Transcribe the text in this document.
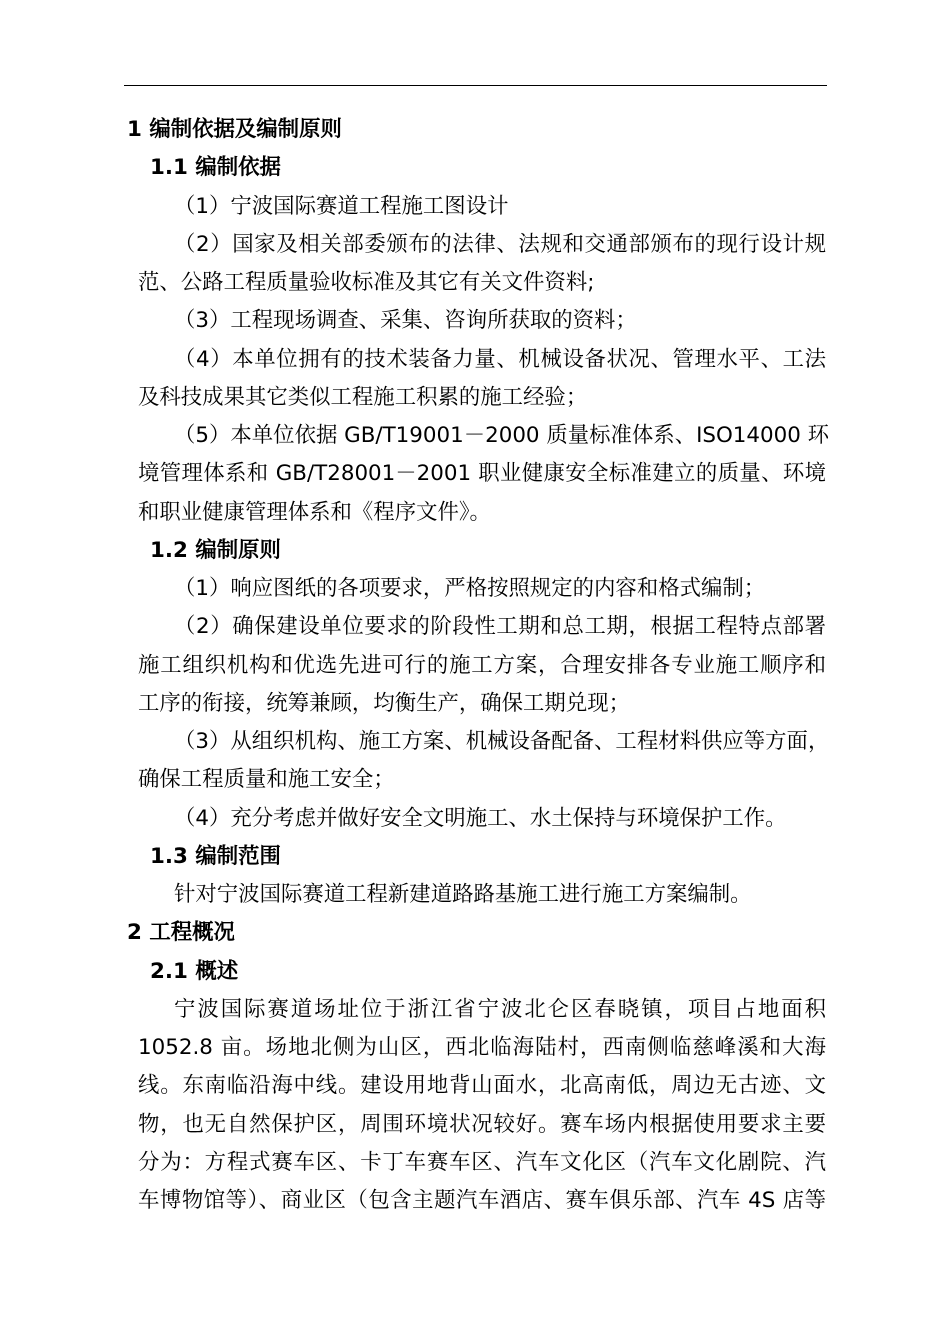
1 编制依据及编制原则
1.1 编制依据
（1）宁波国际赛道工程施工图设计
（2）国家及相关部委颁布的法律、法规和交通部颁布的现行设计规
范、公路工程质量验收标准及其它有关文件资料;
（3）工程现场调查、采集、咨询所获取的资料；
（4）本单位拥有的技术装备力量、机械设备状况、管理水平、工法
及科技成果其它类似工程施工积累的施工经验；
（5）本单位依据 GB/T19001－2000 质量标准体系、ISO14000 环
境管理体系和 GB/T28001－2001 职业健康安全标准建立的质量、环境
和职业健康管理体系和《程序文件》。
1.2 编制原则
（1）响应图纸的各项要求，严格按照规定的内容和格式编制；
（2）确保建设单位要求的阶段性工期和总工期，根据工程特点部署
施工组织机构和优选先进可行的施工方案，合理安排各专业施工顺序和
工序的衔接，统筹兼顾，均衡生产，确保工期兑现；
（3）从组织机构、施工方案、机械设备配备、工程材料供应等方面，
确保工程质量和施工安全；
（4）充分考虑并做好安全文明施工、水土保持与环境保护工作。
1.3 编制范围
针对宁波国际赛道工程新建道路路基施工进行施工方案编制。
2 工程概况
2.1 概述
宁波国际赛道场址位于浙江省宁波北仑区春晓镇，项目占地面积
1052.8 亩。场地北侧为山区，西北临海陆村，西南侧临慈峰溪和大海
线。东南临沿海中线。建设用地背山面水，北高南低，周边无古迹、文
物，也无自然保护区，周围环境状况较好。赛车场内根据使用要求主要
分为：方程式赛车区、卡丁车赛车区、汽车文化区（汽车文化剧院、汽
车博物馆等）、商业区（包含主题汽车酒店、赛车俱乐部、汽车 4S 店等
